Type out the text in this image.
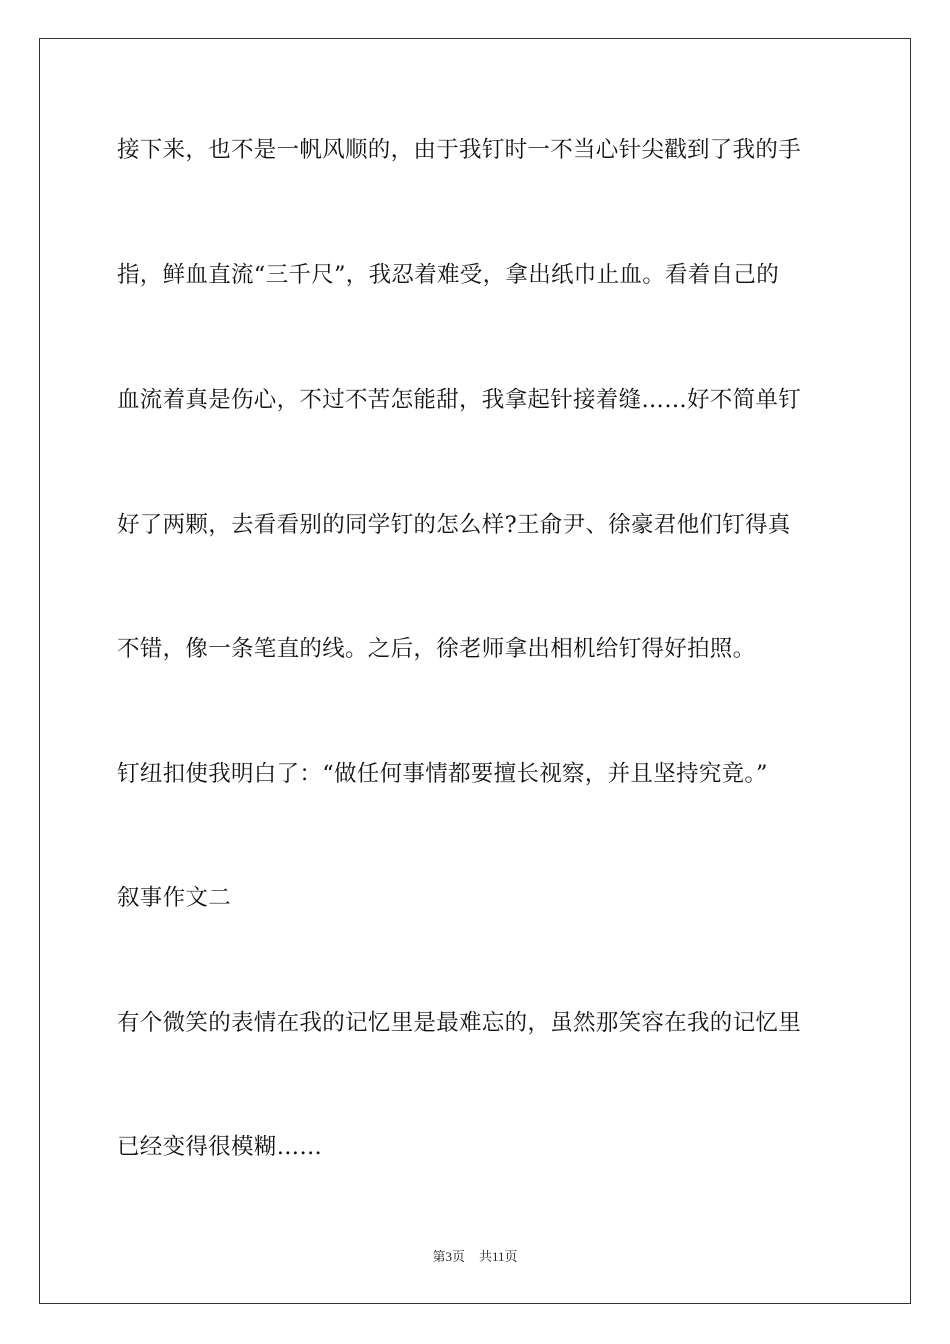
接下来，也不是一帆风顺的，由于我钉时一不当心针尖戳到了我的手
指，鲜血直流“三千尺”，我忍着难受，拿出纸巾止血。看着自己的
血流着真是伤心，不过不苦怎能甜，我拿起针接着缝……好不简单钉
好了两颗，去看看别的同学钉的怎么样?王俞尹、徐豪君他们钉得真
不错，像一条笔直的线。之后，徐老师拿出相机给钉得好拍照。
钉纽扣使我明白了：“做任何事情都要擅长视察，并且坚持究竟。”
叙事作文二
有个微笑的表情在我的记忆里是最难忘的，虽然那笑容在我的记忆里
已经变得很模糊……
第3页 共11页
